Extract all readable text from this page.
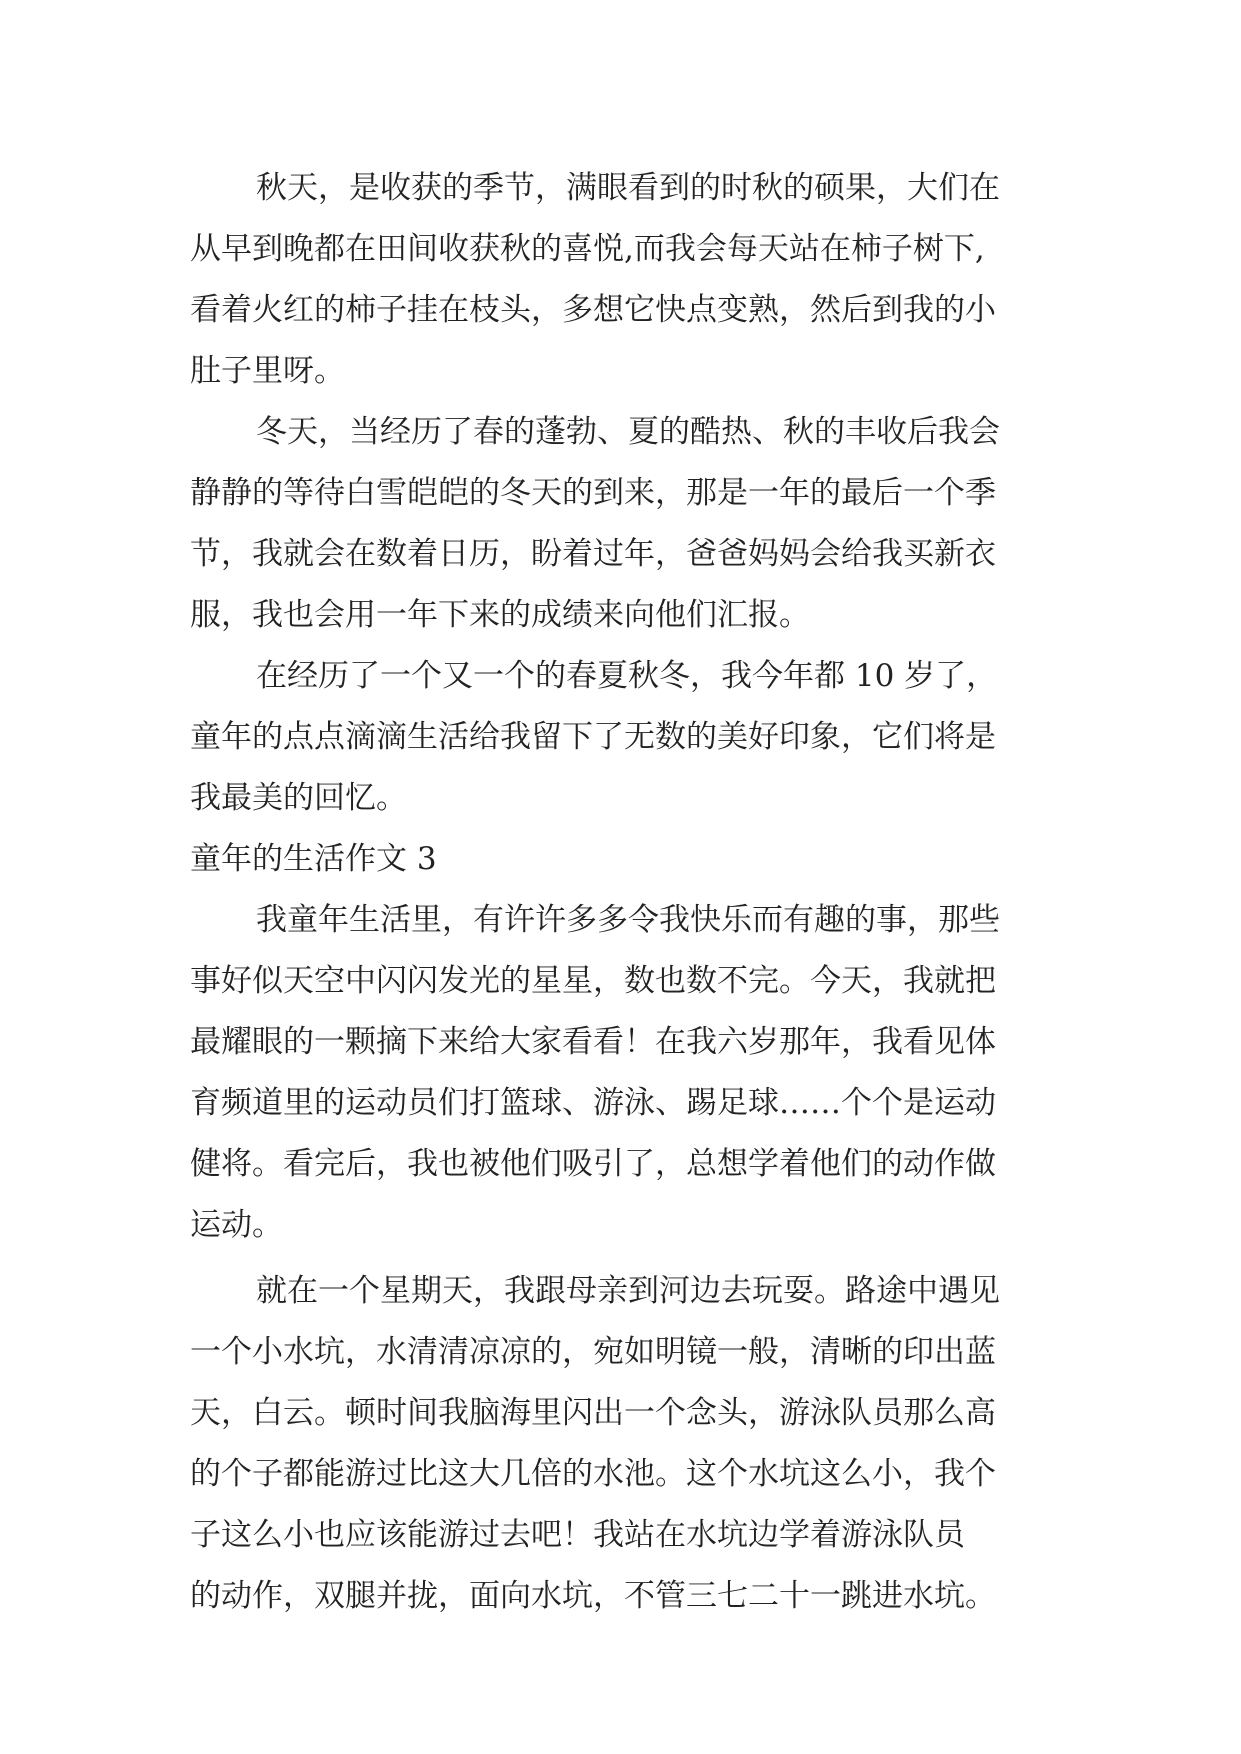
秋天，是收获的季节，满眼看到的时秋的硕果，大们在
从早到晚都在田间收获秋的喜悦,而我会每天站在柿子树下,
看着火红的柿子挂在枝头，多想它快点变熟，然后到我的小
肚子里呀。
冬天，当经历了春的蓬勃、夏的酷热、秋的丰收后我会
静静的等待白雪皑皑的冬天的到来，那是一年的最后一个季
节，我就会在数着日历，盼着过年，爸爸妈妈会给我买新衣
服，我也会用一年下来的成绩来向他们汇报。
在经历了一个又一个的春夏秋冬，我今年都 10 岁了，
童年的点点滴滴生活给我留下了无数的美好印象，它们将是
我最美的回忆。
童年的生活作文 3
我童年生活里，有许许多多令我快乐而有趣的事，那些
事好似天空中闪闪发光的星星，数也数不完。今天，我就把
最耀眼的一颗摘下来给大家看看！在我六岁那年，我看见体
育频道里的运动员们打篮球、游泳、踢足球……个个是运动
健将。看完后，我也被他们吸引了，总想学着他们的动作做
运动。
就在一个星期天，我跟母亲到河边去玩耍。路途中遇见
一个小水坑，水清清凉凉的，宛如明镜一般，清晰的印出蓝
天，白云。顿时间我脑海里闪出一个念头，游泳队员那么高
的个子都能游过比这大几倍的水池。这个水坑这么小，我个
子这么小也应该能游过去吧！我站在水坑边学着游泳队员
的动作，双腿并拢，面向水坑，不管三七二十一跳进水坑。
